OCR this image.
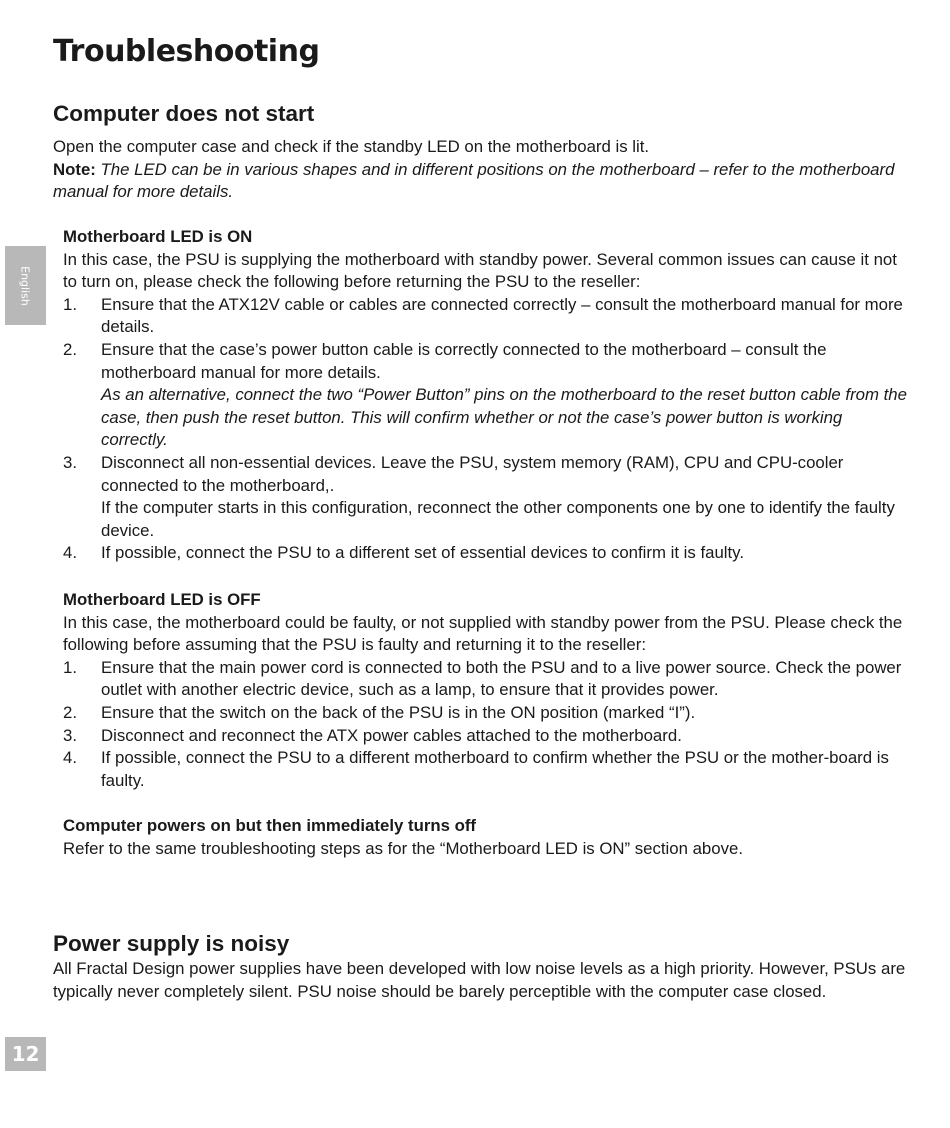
English
12
Troubleshooting
Computer does not start

Open the computer case and check if the standby LED on the motherboard is lit.

Note: The LED can be in various shapes and in different positions on the motherboard – refer to the motherboard manual for more details.

Motherboard LED is ON

In this case, the PSU is supplying the motherboard with standby power. Several common issues can cause it not to turn on, please check the following before returning the PSU to the reseller:

1. Ensure that the ATX12V cable or cables are connected correctly – consult the motherboard manual for more details.
2. Ensure that the case’s power button cable is correctly connected to the motherboard – consult the motherboard manual for more details.
As an alternative, connect the two “Power Button” pins on the motherboard to the reset button cable from the case, then push the reset button. This will confirm whether or not the case’s power button is working correctly.
3. Disconnect all non-essential devices. Leave the PSU, system memory (RAM), CPU and CPU-cooler connected to the motherboard,.
If the computer starts in this configuration, reconnect the other components one by one to identify the faulty device.
4. If possible, connect the PSU to a different set of essential devices to confirm it is faulty.
Motherboard LED is OFF

In this case, the motherboard could be faulty, or not supplied with standby power from the PSU. Please check the following before assuming that the PSU is faulty and returning it to the reseller:

1. Ensure that the main power cord is connected to both the PSU and to a live power source. Check the power outlet with another electric device, such as a lamp, to ensure that it provides power.
2. Ensure that the switch on the back of the PSU is in the ON position (marked “I”).
3. Disconnect and reconnect the ATX power cables attached to the motherboard.
4. If possible, connect the PSU to a different motherboard to confirm whether the PSU or the mother-board is faulty.
Computer powers on but then immediately turns off

Refer to the same troubleshooting steps as for the “Motherboard LED is ON” section above.

Power supply is noisy

All Fractal Design power supplies have been developed with low noise levels as a high priority. However, PSUs are typically never completely silent. PSU noise should be barely perceptible with the computer case closed.
